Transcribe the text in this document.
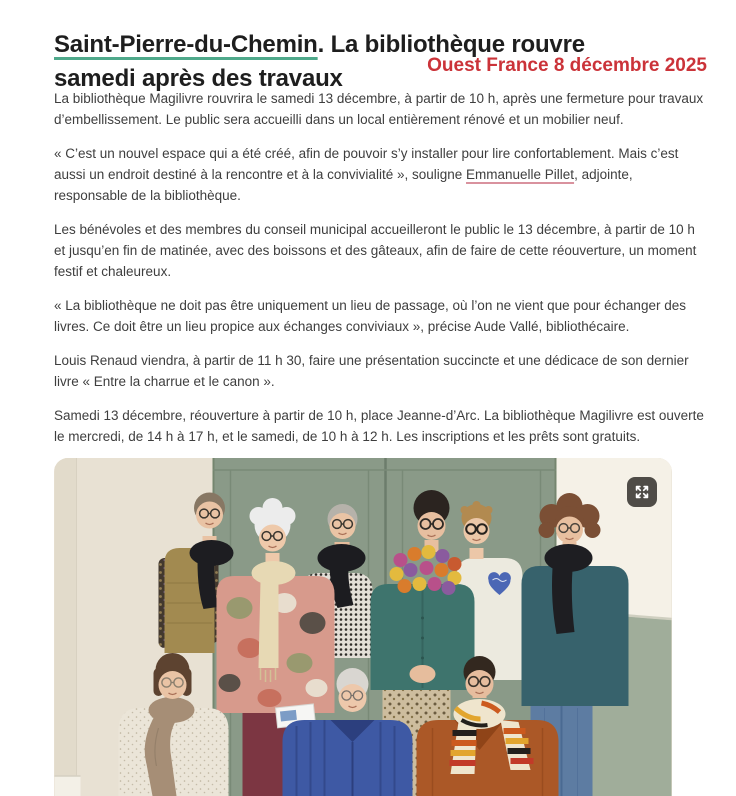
Saint-Pierre-du-Chemin. La bibliothèque rouvre samedi après des travaux	Ouest France 8 décembre 2025

La bibliothèque Magilivre rouvrira le samedi 13 décembre, à partir de 10 h, après une fermeture pour travaux d’embellissement. Le public sera accueilli dans un local entièrement rénové et un mobilier neuf.

« C’est un nouvel espace qui a été créé, afin de pouvoir s’y installer pour lire confortablement. Mais c’est aussi un endroit destiné à la rencontre et à la convivialité », souligne Emmanuelle Pillet, adjointe, responsable de la bibliothèque.

Les bénévoles et des membres du conseil municipal accueilleront le public le 13 décembre, à partir de 10 h et jusqu’en fin de matinée, avec des boissons et des gâteaux, afin de faire de cette réouverture, un moment festif et chaleureux.

« La bibliothèque ne doit pas être uniquement un lieu de passage, où l’on ne vient que pour échanger des livres. Ce doit être un lieu propice aux échanges conviviaux », précise Aude Vallé, bibliothécaire.

Louis Renaud viendra, à partir de 11 h 30, faire une présentation succincte et une dédicace de son dernier livre « Entre la charrue et le canon ».

Samedi 13 décembre, réouverture à partir de 10 h, place Jeanne-d’Arc. La bibliothèque Magilivre est ouverte le mercredi, de 14 h à 17 h, et le samedi, de 10 h à 12 h. Les inscriptions et les prêts sont gratuits.
